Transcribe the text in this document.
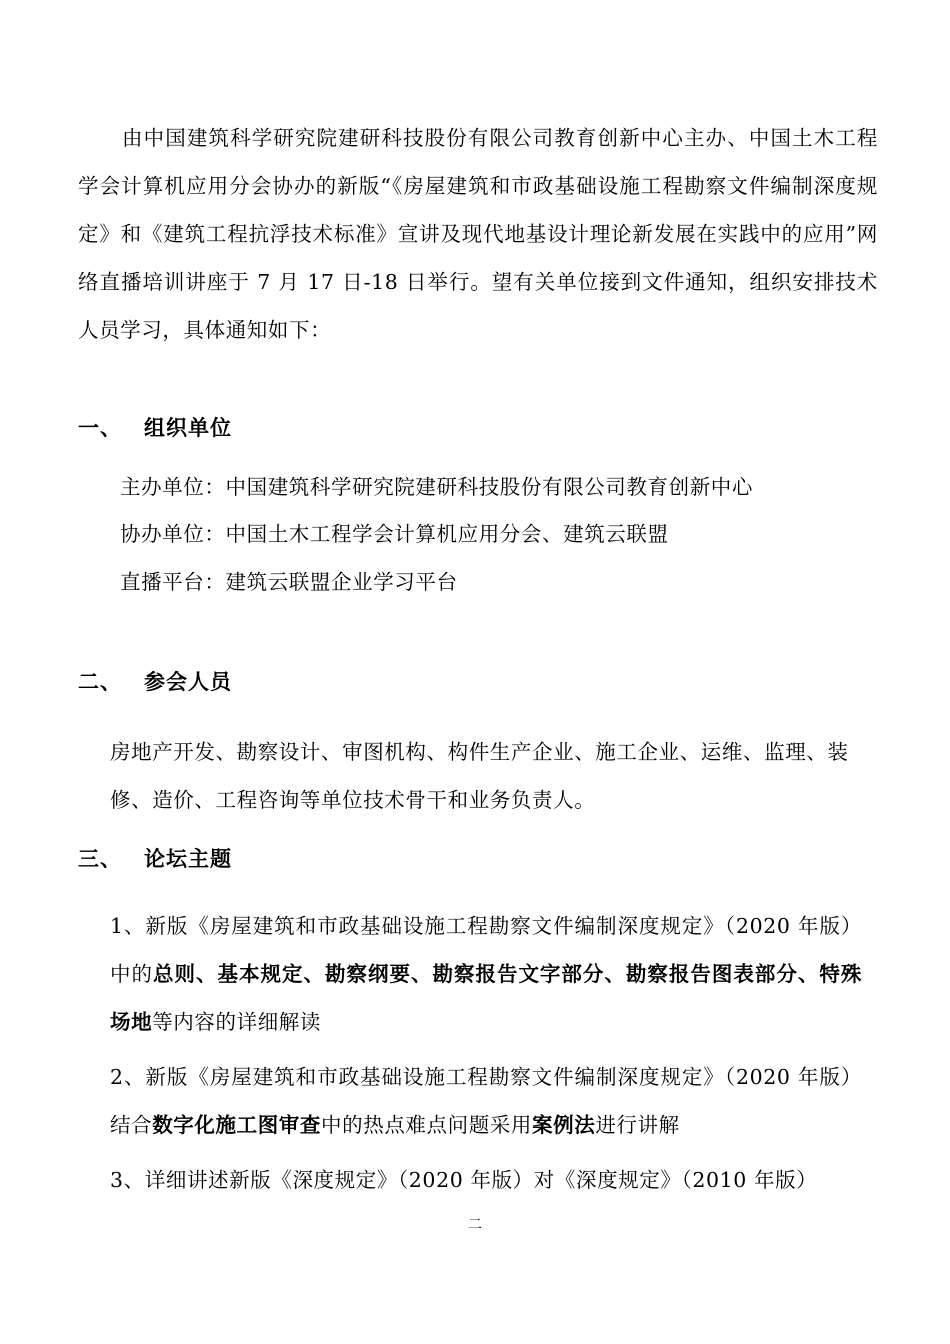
由中国建筑科学研究院建研科技股份有限公司教育创新中心主办、中国土木工程学会计算机应用分会协办的新版“《房屋建筑和市政基础设施工程勘察文件编制深度规定》和《建筑工程抗浮技术标准》宣讲及现代地基设计理论新发展在实践中的应用”网络直播培训讲座于 7 月 17 日-18 日举行。望有关单位接到文件通知，组织安排技术人员学习，具体通知如下：

一、 组织单位

主办单位：中国建筑科学研究院建研科技股份有限公司教育创新中心

协办单位：中国土木工程学会计算机应用分会、建筑云联盟

直播平台：建筑云联盟企业学习平台

二、 参会人员

房地产开发、勘察设计、审图机构、构件生产企业、施工企业、运维、监理、装修、造价、工程咨询等单位技术骨干和业务负责人。

三、 论坛主题

1、新版《房屋建筑和市政基础设施工程勘察文件编制深度规定》（2020 年版）中的总则、基本规定、勘察纲要、勘察报告文字部分、勘察报告图表部分、特殊场地等内容的详细解读

2、新版《房屋建筑和市政基础设施工程勘察文件编制深度规定》（2020 年版）结合数字化施工图审查中的热点难点问题采用案例法进行讲解

3、详细讲述新版《深度规定》（2020 年版）对《深度规定》（2010 年版）

二
